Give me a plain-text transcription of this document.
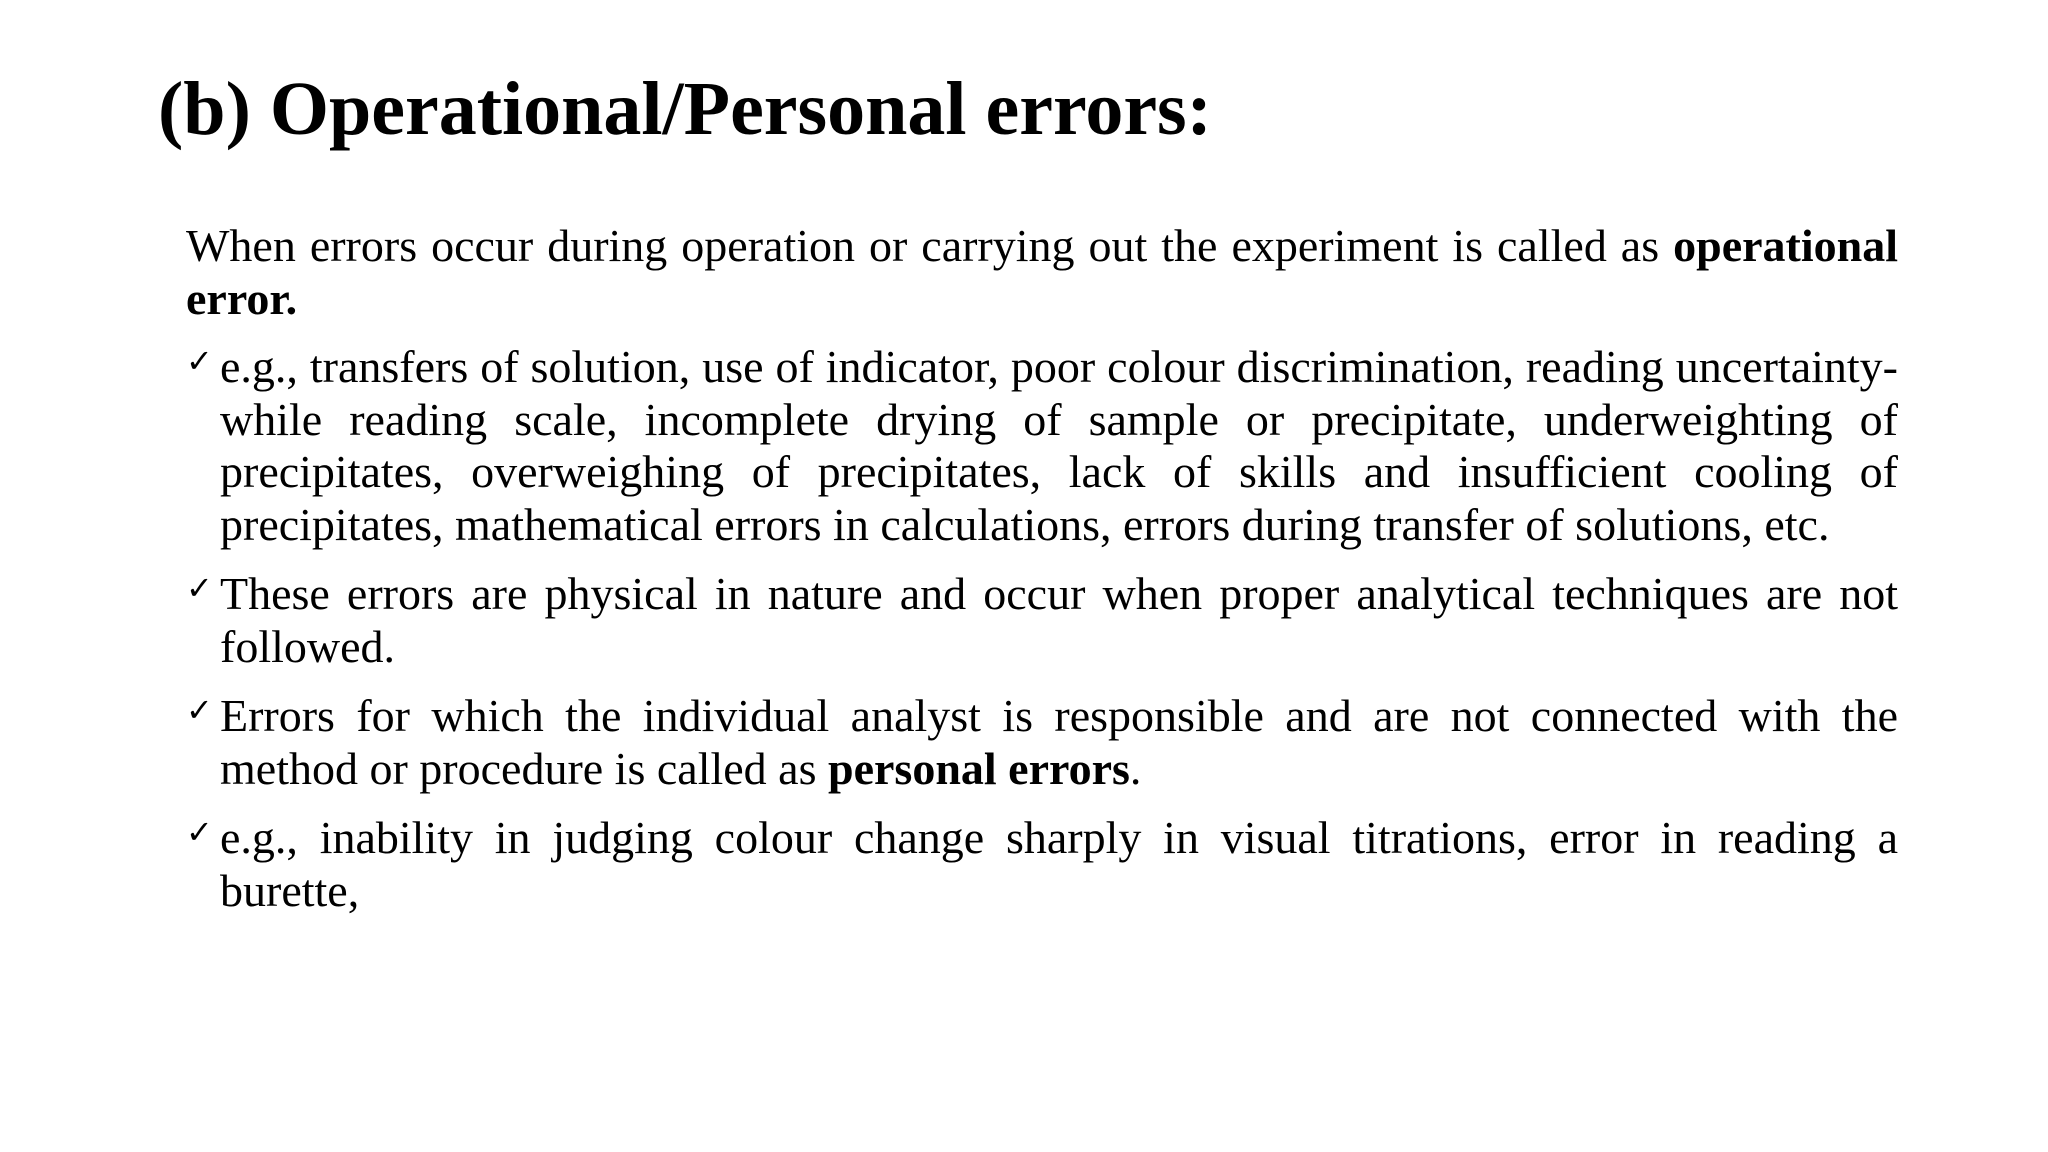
(b) Operational/Personal errors:

When errors occur during operation or carrying out the experiment is called as operational error.

✓ e.g., transfers of solution, use of indicator, poor colour discrimination, reading uncertainty-while reading scale, incomplete drying of sample or precipitate, underweighting of precipitates, overweighing of precipitates, lack of skills and insufficient cooling of precipitates, mathematical errors in calculations, errors during transfer of solutions, etc.
✓ These errors are physical in nature and occur when proper analytical techniques are not followed.
✓ Errors for which the individual analyst is responsible and are not connected with the method or procedure is called as personal errors.
✓ e.g., inability in judging colour change sharply in visual titrations, error in reading a burette,
